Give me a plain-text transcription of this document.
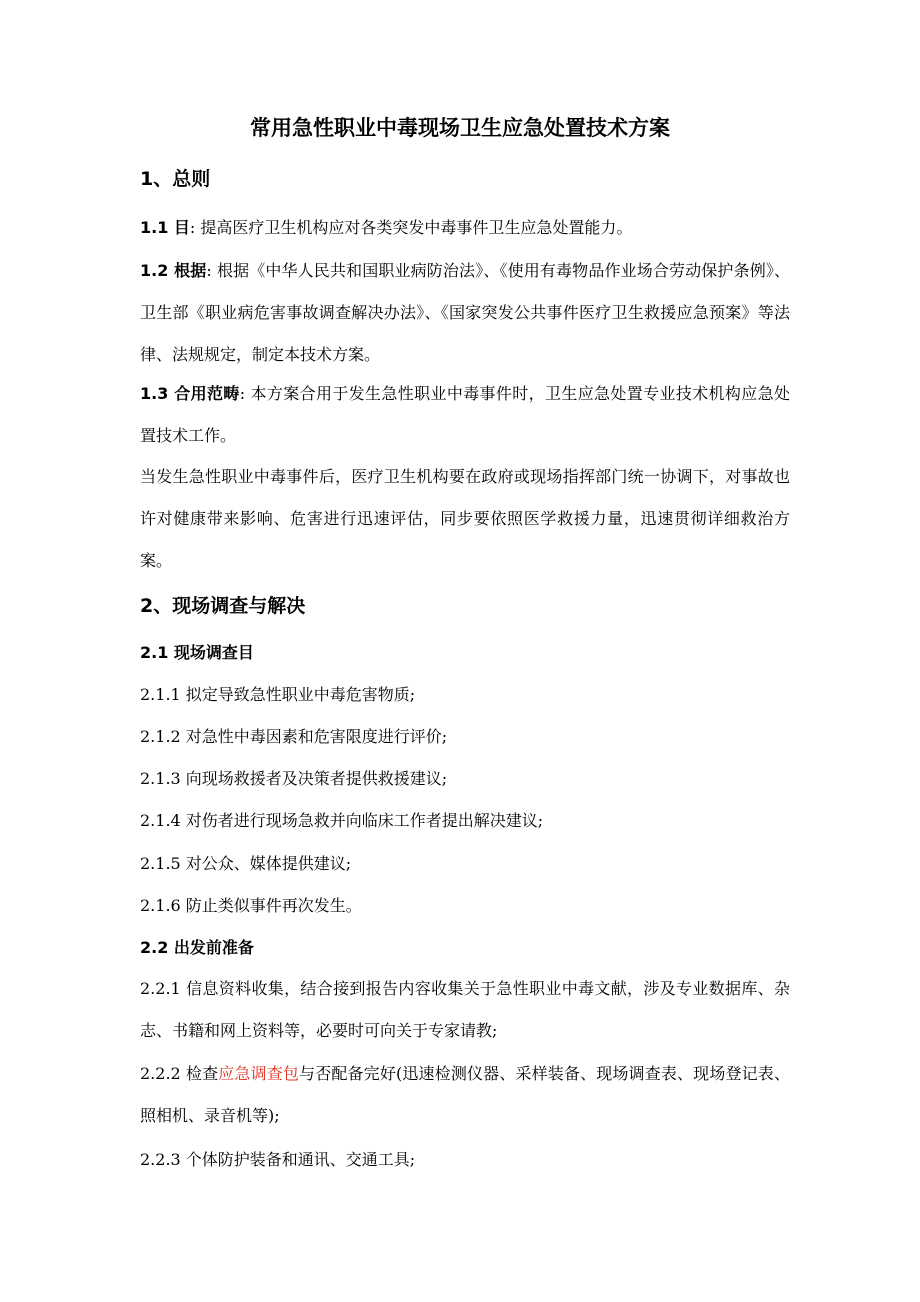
常用急性职业中毒现场卫生应急处置技术方案
1、总则
1.1 目: 提高医疗卫生机构应对各类突发中毒事件卫生应急处置能力。
1.2 根据: 根据《中华人民共和国职业病防治法》、《使用有毒物品作业场合劳动保护条例》、卫生部《职业病危害事故调查解决办法》、《国家突发公共事件医疗卫生救援应急预案》等法律、法规规定，制定本技术方案。
1.3 合用范畴: 本方案合用于发生急性职业中毒事件时，卫生应急处置专业技术机构应急处置技术工作。
当发生急性职业中毒事件后，医疗卫生机构要在政府或现场指挥部门统一协调下，对事故也许对健康带来影响、危害进行迅速评估，同步要依照医学救援力量，迅速贯彻详细救治方案。
2、现场调查与解决
2.1 现场调查目
2.1.1 拟定导致急性职业中毒危害物质;
2.1.2 对急性中毒因素和危害限度进行评价;
2.1.3 向现场救援者及决策者提供救援建议;
2.1.4 对伤者进行现场急救并向临床工作者提出解决建议;
2.1.5 对公众、媒体提供建议;
2.1.6 防止类似事件再次发生。
2.2 出发前准备
2.2.1 信息资料收集，结合接到报告内容收集关于急性职业中毒文献，涉及专业数据库、杂志、书籍和网上资料等，必要时可向关于专家请教;
2.2.2 检查应急调查包与否配备完好(迅速检测仪器、采样装备、现场调查表、现场登记表、照相机、录音机等);
2.2.3 个体防护装备和通讯、交通工具;
